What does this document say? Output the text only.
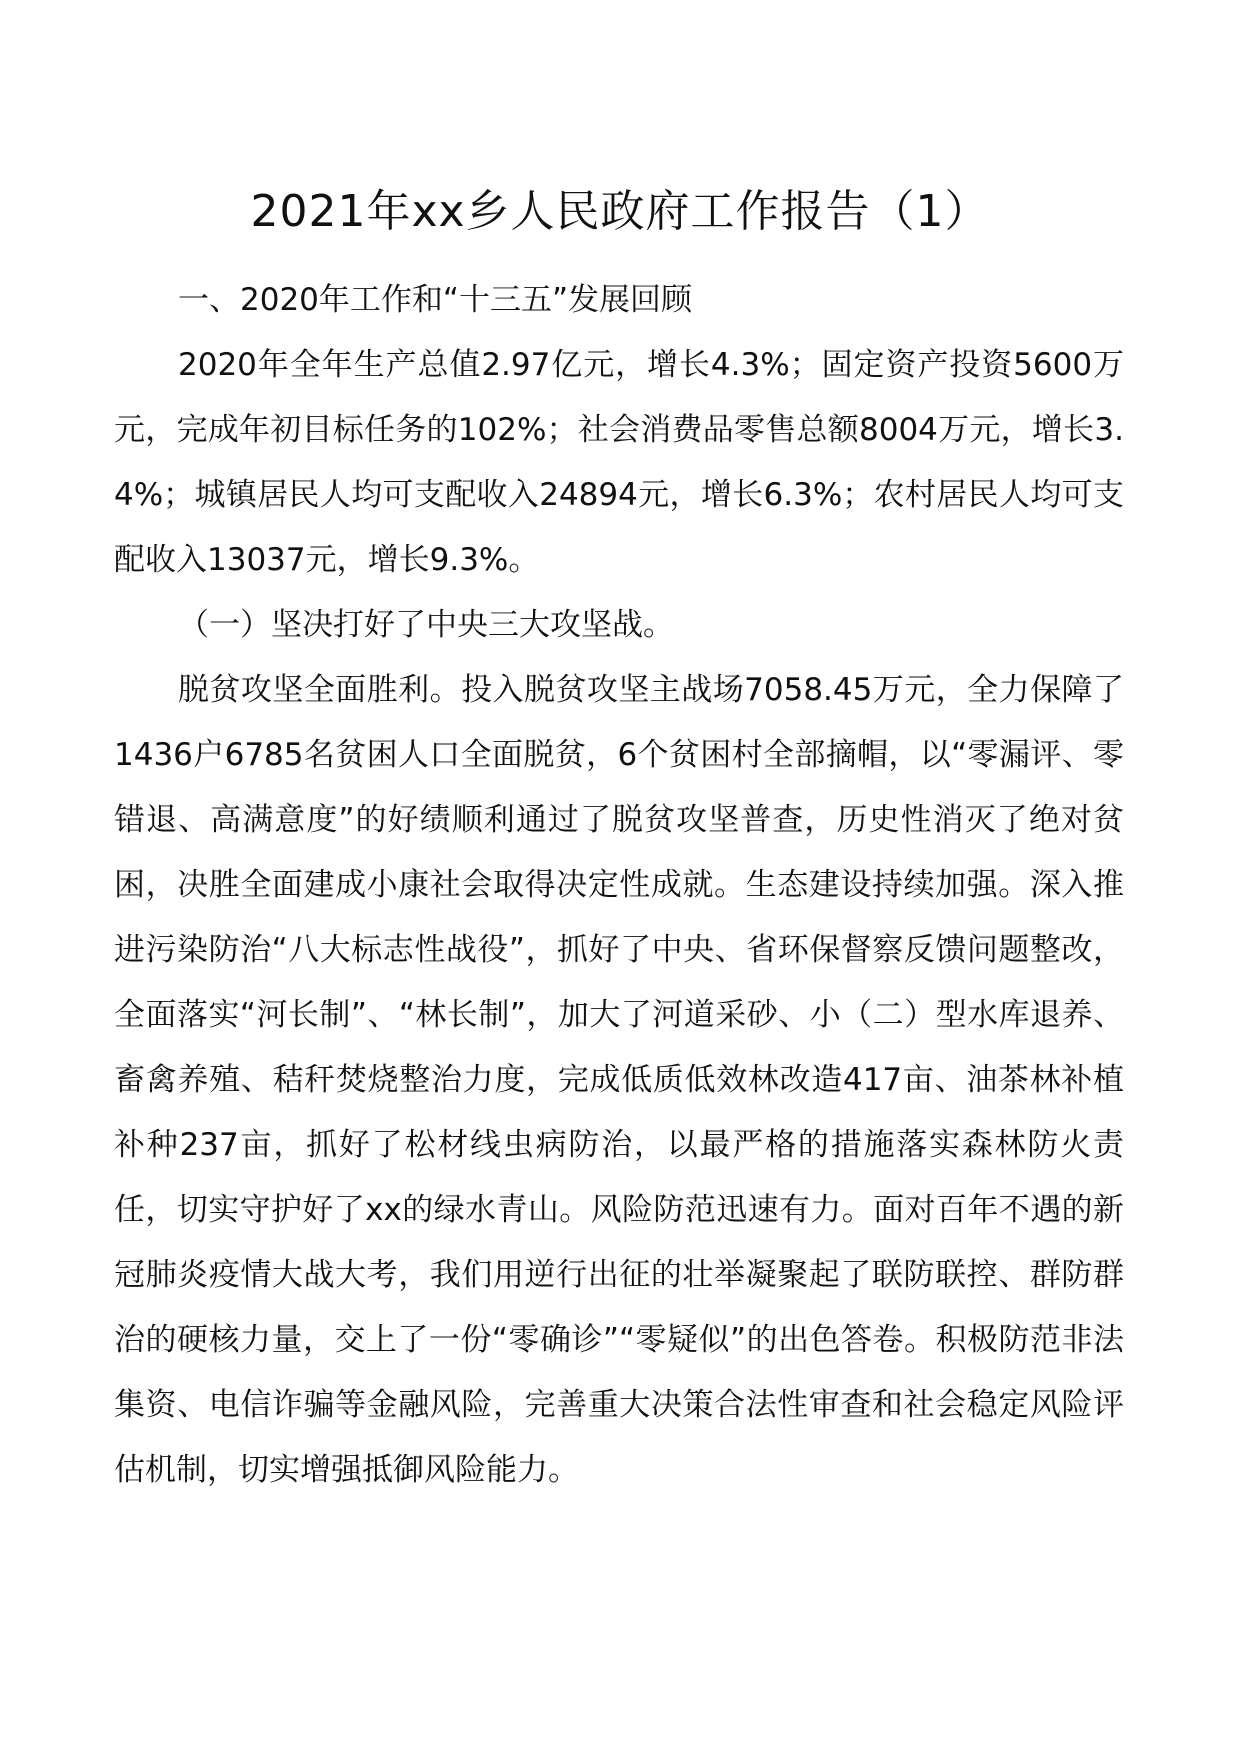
2021年xx乡人民政府工作报告（1）

一、2020年工作和“十三五”发展回顾

2020年全年生产总值2.97亿元，增长4.3%；固定资产投资5600万元，完成年初目标任务的102%；社会消费品零售总额8004万元，增长3.4%；城镇居民人均可支配收入24894元，增长6.3%；农村居民人均可支配收入13037元，增长9.3%。

（一）坚决打好了中央三大攻坚战。

脱贫攻坚全面胜利。投入脱贫攻坚主战场7058.45万元，全力保障了1436户6785名贫困人口全面脱贫，6个贫困村全部摘帽，以“零漏评、零错退、高满意度”的好绩顺利通过了脱贫攻坚普查，历史性消灭了绝对贫困，决胜全面建成小康社会取得决定性成就。生态建设持续加强。深入推进污染防治“八大标志性战役”，抓好了中央、省环保督察反馈问题整改，全面落实“河长制”、“林长制”，加大了河道采砂、小（二）型水库退养、畜禽养殖、秸秆焚烧整治力度，完成低质低效林改造417亩、油茶林补植补种237亩，抓好了松材线虫病防治，以最严格的措施落实森林防火责任，切实守护好了xx的绿水青山。风险防范迅速有力。面对百年不遇的新冠肺炎疫情大战大考，我们用逆行出征的壮举凝聚起了联防联控、群防群治的硬核力量，交上了一份“零确诊”“零疑似”的出色答卷。积极防范非法集资、电信诈骗等金融风险，完善重大决策合法性审查和社会稳定风险评估机制，切实增强抵御风险能力。
